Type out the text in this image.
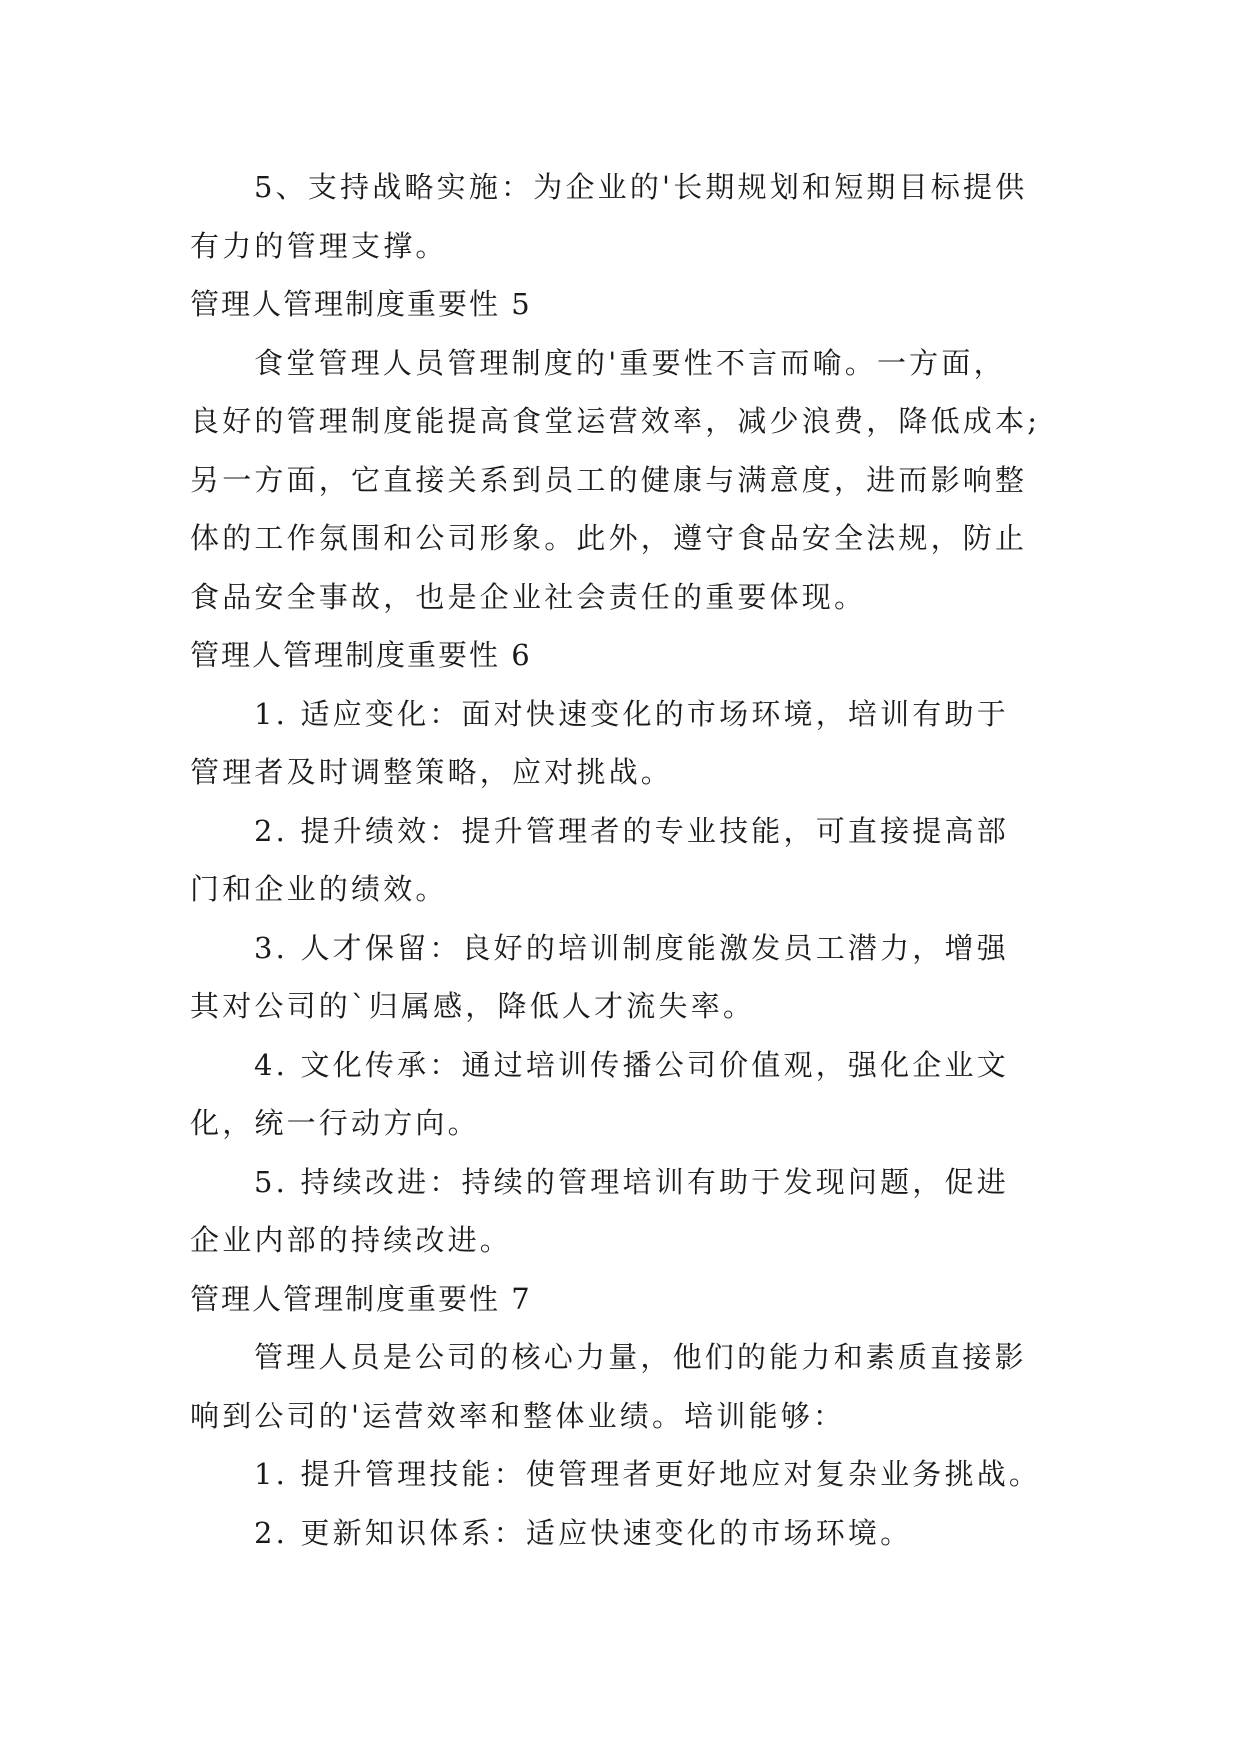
5、支持战略实施：为企业的'长期规划和短期目标提供
有力的管理支撑。
管理人管理制度重要性 5
食堂管理人员管理制度的'重要性不言而喻。一方面，
良好的管理制度能提高食堂运营效率，减少浪费，降低成本;
另一方面，它直接关系到员工的健康与满意度，进而影响整
体的工作氛围和公司形象。此外，遵守食品安全法规，防止
食品安全事故，也是企业社会责任的重要体现。
管理人管理制度重要性 6
1. 适应变化：面对快速变化的市场环境，培训有助于
管理者及时调整策略，应对挑战。
2. 提升绩效：提升管理者的专业技能，可直接提高部
门和企业的绩效。
3. 人才保留：良好的培训制度能激发员工潜力，增强
其对公司的`归属感，降低人才流失率。
4. 文化传承：通过培训传播公司价值观，强化企业文
化，统一行动方向。
5. 持续改进：持续的管理培训有助于发现问题，促进
企业内部的持续改进。
管理人管理制度重要性 7
管理人员是公司的核心力量，他们的能力和素质直接影
响到公司的'运营效率和整体业绩。培训能够：
1. 提升管理技能：使管理者更好地应对复杂业务挑战。
2. 更新知识体系：适应快速变化的市场环境。
